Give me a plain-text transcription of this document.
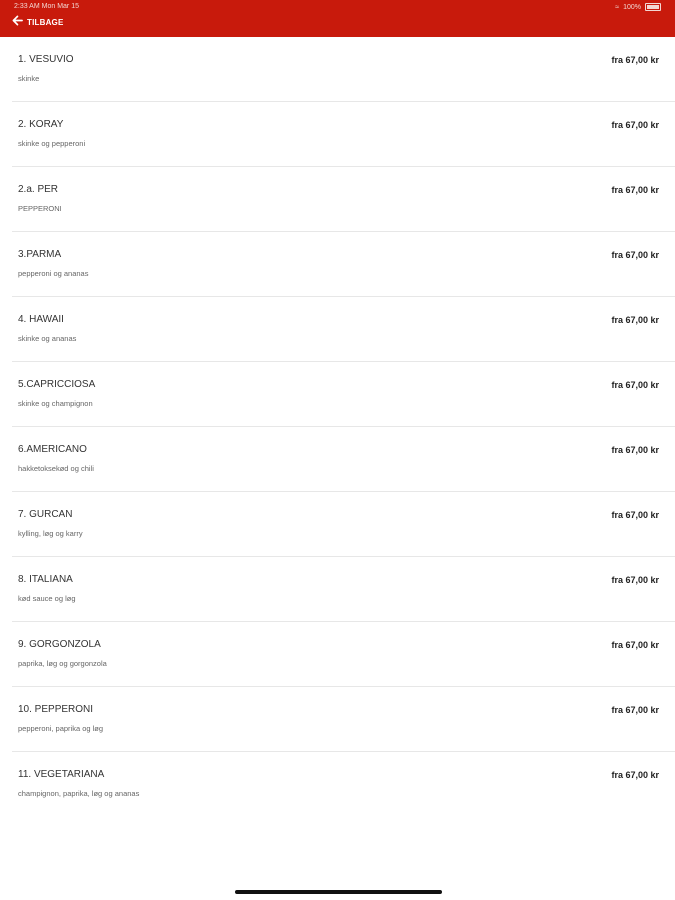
2:33 AM Mon Mar 15	≈ 100%
TILBAGE
1. VESUVIO
skinke
fra 67,00 kr
2. KORAY
skinke og pepperoni
fra 67,00 kr
2.a. PER
PEPPERONI
fra 67,00 kr
3.PARMA
pepperoni og ananas
fra 67,00 kr
4. HAWAII
skinke og ananas
fra 67,00 kr
5.CAPRICCIOSA
skinke og champignon
fra 67,00 kr
6.AMERICANO
hakketoksekød og chili
fra 67,00 kr
7. GURCAN
kylling, løg og karry
fra 67,00 kr
8. ITALIANA
kød sauce og løg
fra 67,00 kr
9. GORGONZOLA
paprika, løg og gorgonzola
fra 67,00 kr
10. PEPPERONI
pepperoni, paprika og løg
fra 67,00 kr
11. VEGETARIANA
champignon, paprika, løg og ananas
fra 67,00 kr
